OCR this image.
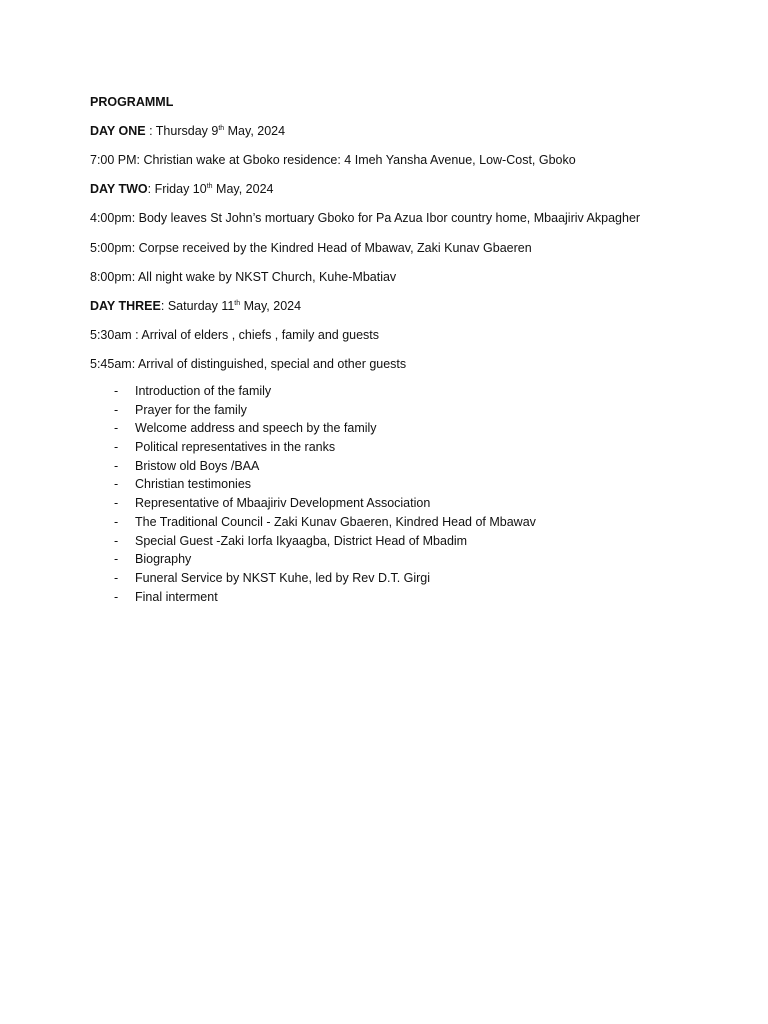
PROGRAMML
DAY ONE : Thursday 9th May, 2024
7:00 PM: Christian wake at Gboko residence: 4 Imeh Yansha Avenue, Low-Cost, Gboko
DAY TWO: Friday 10th May, 2024
4:00pm: Body leaves St John’s mortuary Gboko for Pa Azua Ibor country home, Mbaajiriv Akpagher
5:00pm: Corpse received by the Kindred Head of Mbawav, Zaki Kunav Gbaeren
8:00pm: All night wake by NKST Church, Kuhe-Mbatiav
DAY THREE: Saturday 11th May, 2024
5:30am : Arrival of elders , chiefs , family and guests
5:45am: Arrival of distinguished, special and other guests
- Introduction of the family
- Prayer for the family
- Welcome address and speech by the family
- Political representatives in the ranks
- Bristow old Boys /BAA
- Christian testimonies
- Representative of Mbaajiriv Development Association
- The Traditional Council - Zaki Kunav Gbaeren, Kindred Head of Mbawav
- Special Guest -Zaki Iorfa Ikyaagba, District Head of Mbadim
- Biography
- Funeral Service by NKST Kuhe, led by Rev D.T. Girgi
- Final interment
